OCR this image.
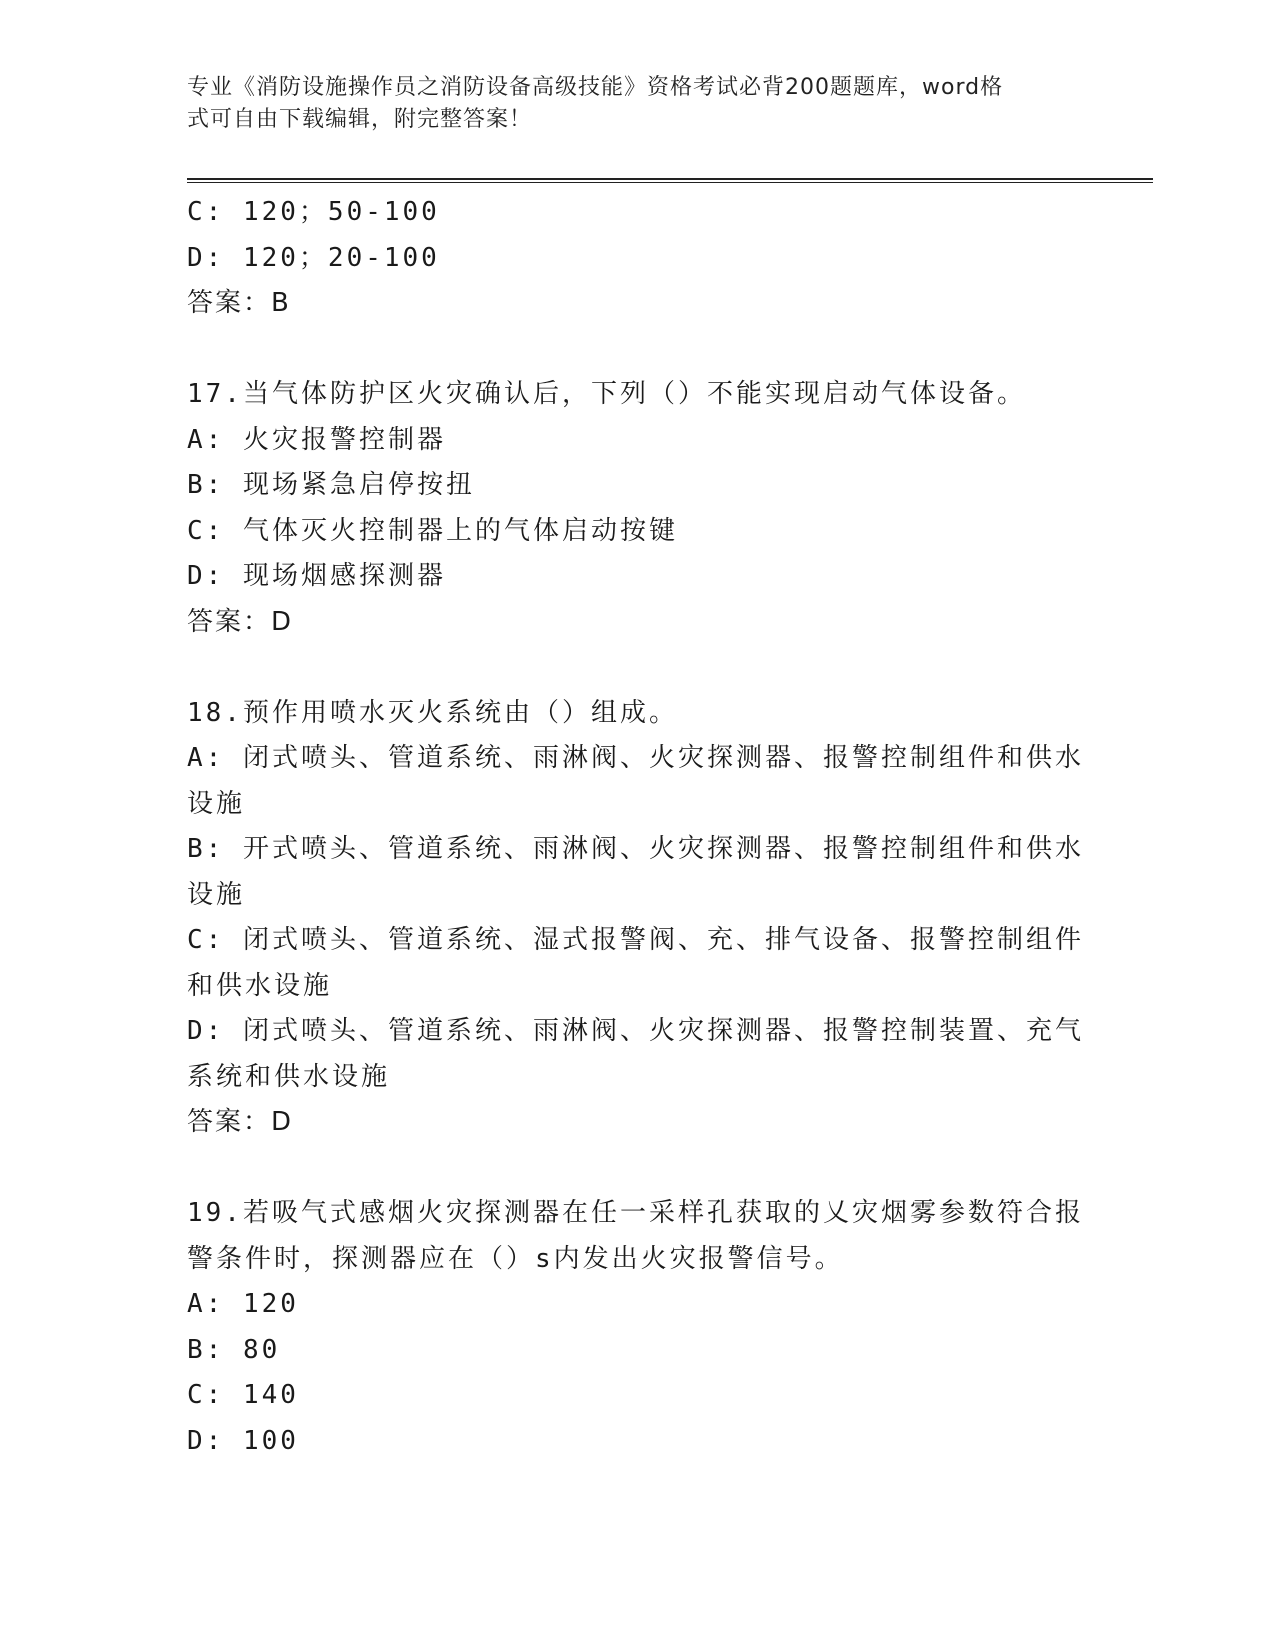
专业《消防设施操作员之消防设备高级技能》资格考试必背200题题库，word格
式可自由下载编辑，附完整答案！
C: 120；50-100
D: 120；20-100
答案：B
17.当气体防护区火灾确认后，下列（）不能实现启动气体设备。
A: 火灾报警控制器
B: 现场紧急启停按扭
C: 气体灭火控制器上的气体启动按键
D: 现场烟感探测器
答案：D
18.预作用喷水灭火系统由（）组成。
A: 闭式喷头、管道系统、雨淋阀、火灾探测器、报警控制组件和供水
设施
B: 开式喷头、管道系统、雨淋阀、火灾探测器、报警控制组件和供水
设施
C: 闭式喷头、管道系统、湿式报警阀、充、排气设备、报警控制组件
和供水设施
D: 闭式喷头、管道系统、雨淋阀、火灾探测器、报警控制装置、充气
系统和供水设施
答案：D
19.若吸气式感烟火灾探测器在任一采样孔获取的乂灾烟雾参数符合报
警条件时，探测器应在（）s内发出火灾报警信号。
A: 120
B: 80
C: 140
D: 100
